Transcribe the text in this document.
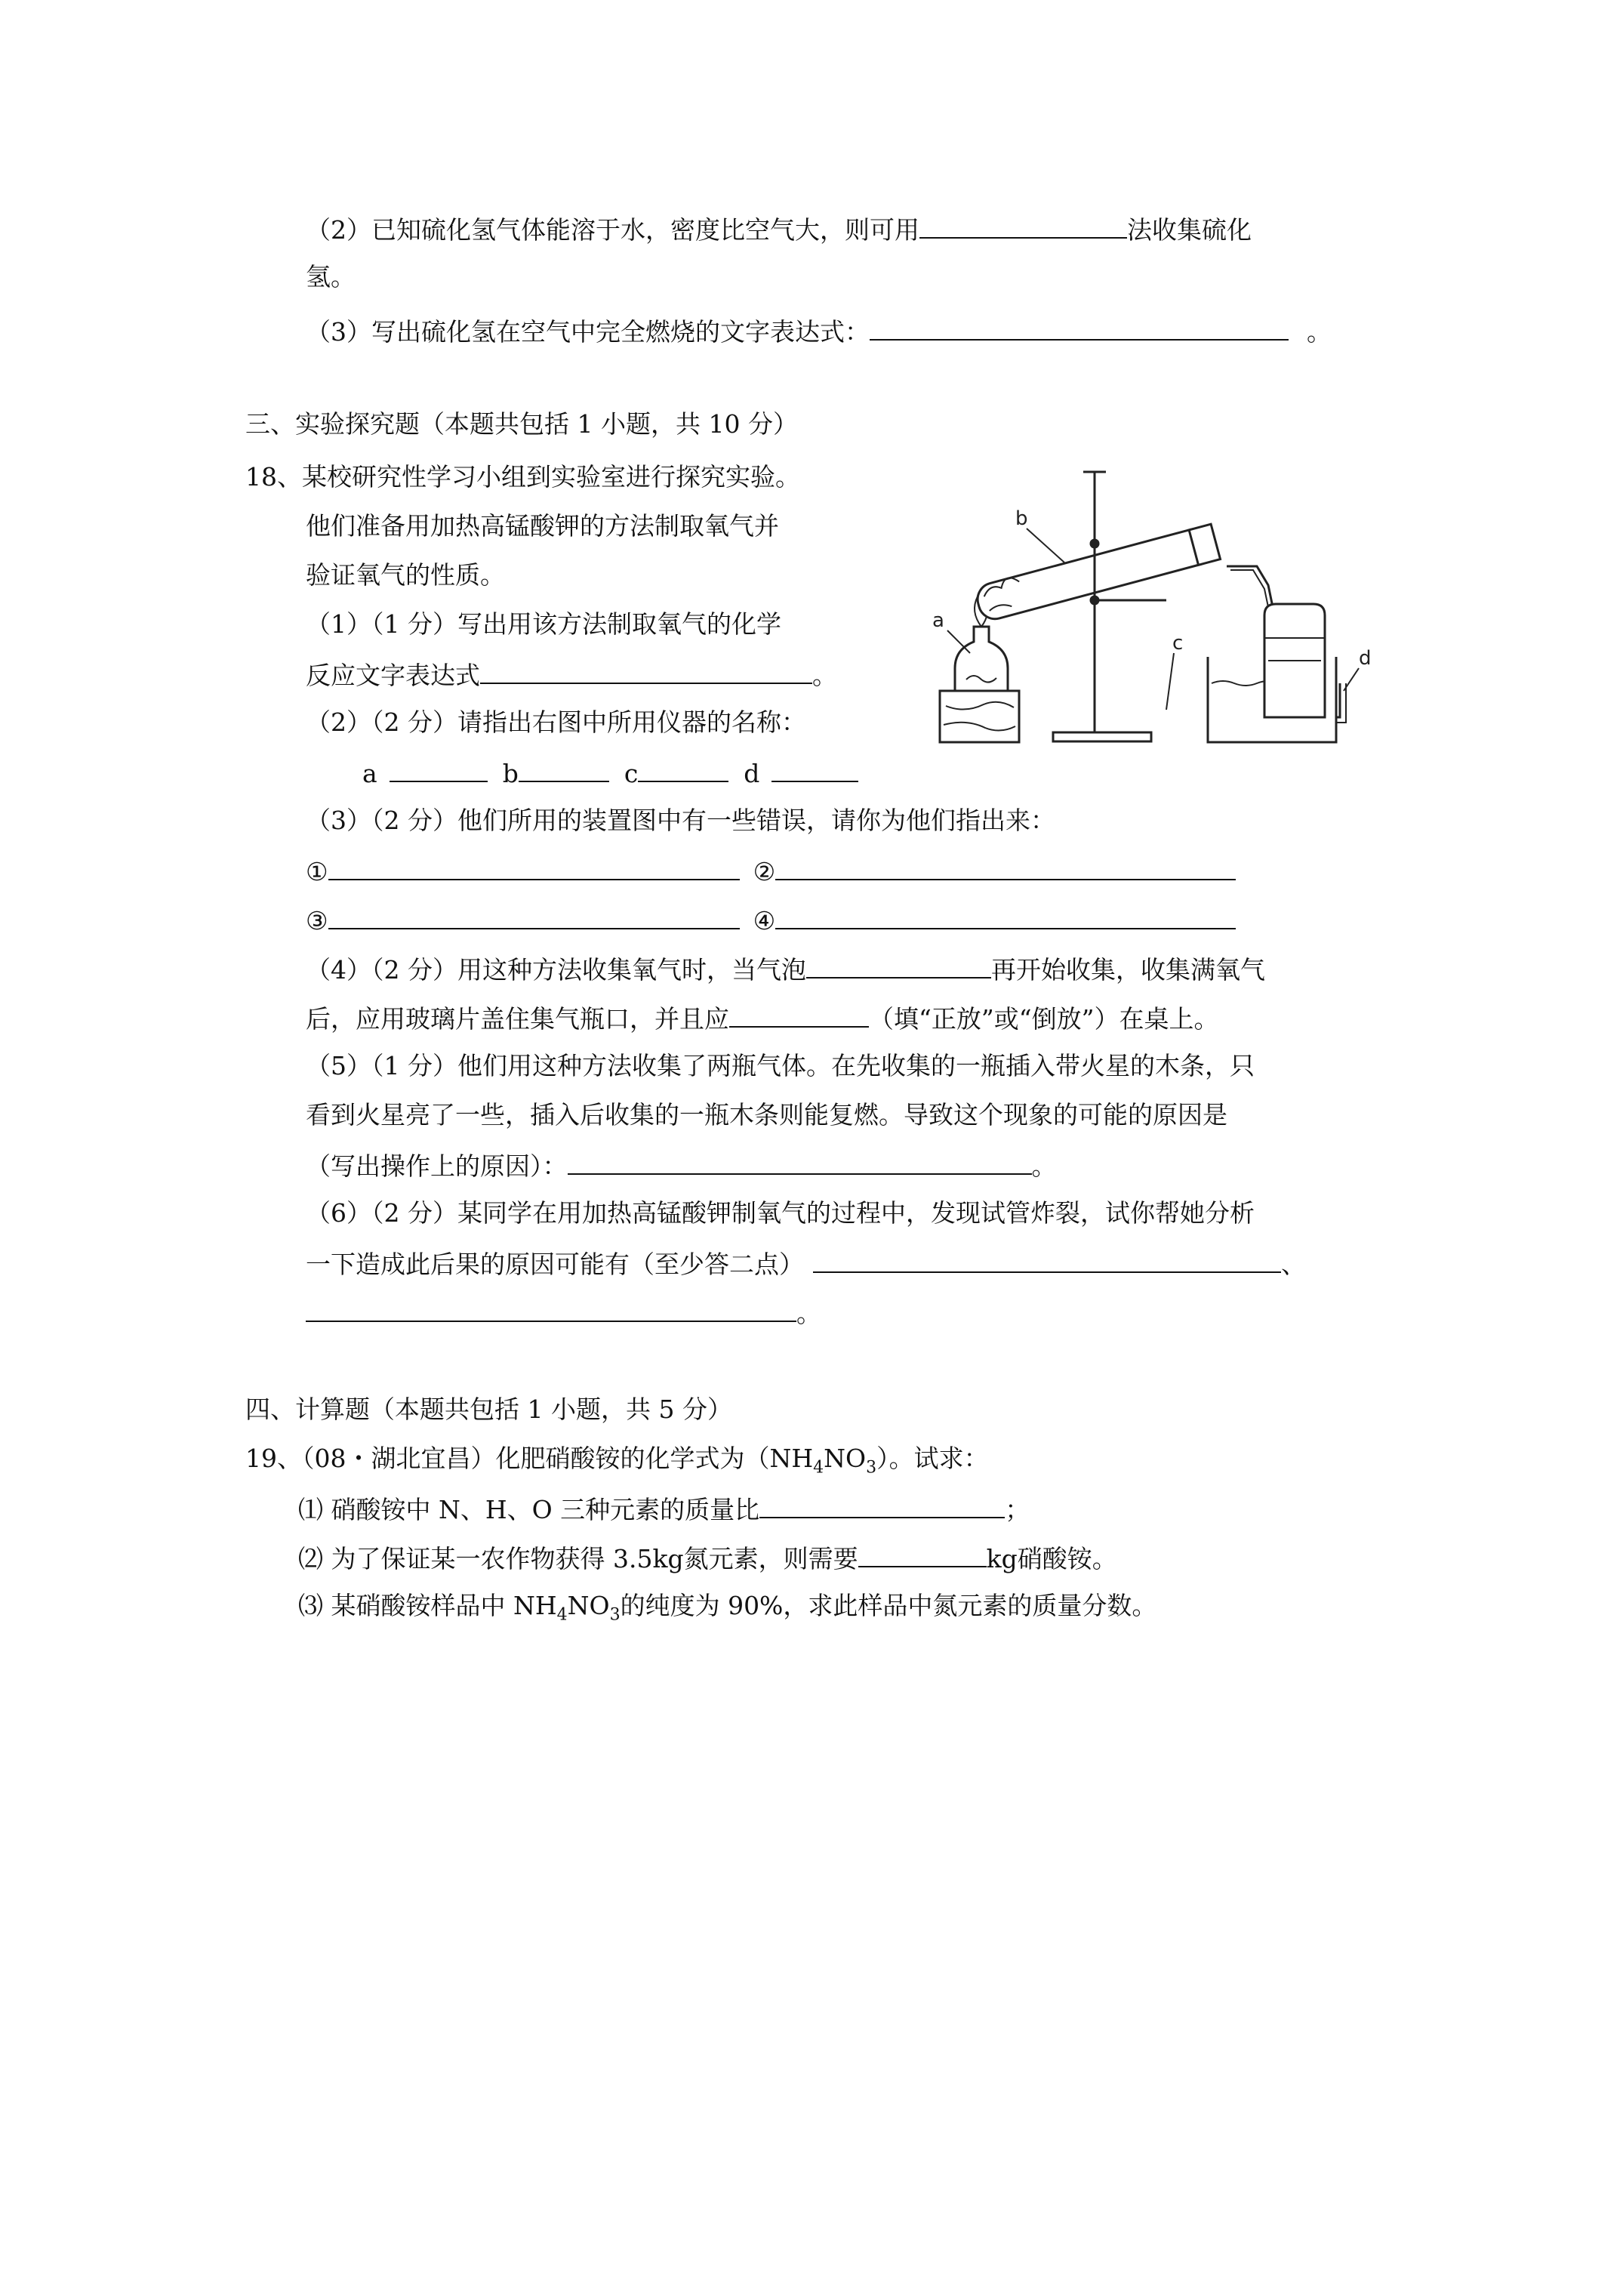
（2）已知硫化氢气体能溶于水，密度比空气大，则可用	法收集硫化
氢。
（3）写出硫化氢在空气中完全燃烧的文字表达式：	。
三、实验探究题（本题共包括 1 小题，共 10 分）
18、某校研究性学习小组到实验室进行探究实验。
他们准备用加热高锰酸钾的方法制取氧气并
验证氧气的性质。
（1）（1 分）写出用该方法制取氧气的化学
反应文字表达式	。
（2）（2 分）请指出右图中所用仪器的名称：
a	b	c	d
（3）（2 分）他们所用的装置图中有一些错误，请你为他们指出来：
①	②
③	④
（4）（2 分）用这种方法收集氧气时，当气泡	再开始收集，收集满氧气
后，应用玻璃片盖住集气瓶口，并且应	（填“正放”或“倒放”）在桌上。
（5）（1 分）他们用这种方法收集了两瓶气体。在先收集的一瓶插入带火星的木条，只
看到火星亮了一些，插入后收集的一瓶木条则能复燃。导致这个现象的可能的原因是
（写出操作上的原因）：	。
（6）（2 分）某同学在用加热高锰酸钾制氧气的过程中，发现试管炸裂，试你帮她分析
一下造成此后果的原因可能有（至少答二点）	、
。
b
a
c
d
四、计算题（本题共包括 1 小题，共 5 分）
19、（08・湖北宜昌）化肥硝酸铵的化学式为$(NH_4NO_3)$。试求：
⑴ 硝酸铵中 N、H、O 三种元素的质量比	；
⑵ 为了保证某一农作物获得 3.5kg氮元素，则需要	kg硝酸铵。
⑶ 某硝酸铵样品中 $NH_4NO_3$的纯度为 90%，求此样品中氮元素的质量分数。
